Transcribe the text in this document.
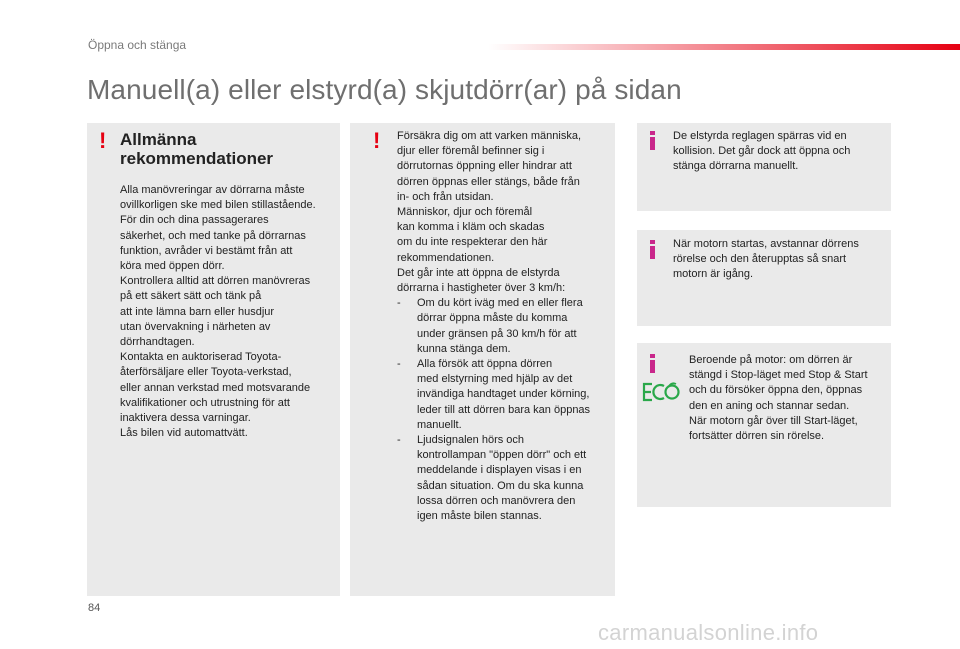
Öppna och stänga
Manuell(a) eller elstyrd(a) skjutdörr(ar) på sidan
! Allmänna
rekommendationer

Alla manövreringar av dörrarna måste

ovillkorligen ske med bilen stillastående.

För din och dina passagerares

säkerhet, och med tanke på dörrarnas

funktion, avråder vi bestämt från att

köra med öppen dörr.

Kontrollera alltid att dörren manövreras

på ett säkert sätt och tänk på

att inte lämna barn eller husdjur

utan övervakning i närheten av

dörrhandtagen.

Kontakta en auktoriserad Toyota-

återförsäljare eller Toyota-verkstad,

eller annan verkstad med motsvarande

kvalifikationer och utrustning för att

inaktivera dessa varningar.

Lås bilen vid automattvätt.

! Försäkra dig om att varken människa,

djur eller föremål befinner sig i

dörrutornas öppning eller hindrar att

dörren öppnas eller stängs, både från

in- och från utsidan.

Människor, djur och föremål

kan komma i kläm och skadas

om du inte respekterar den här

rekommendationen.

Det går inte att öppna de elstyrda

dörrarna i hastigheter över 3 km/h:

- Om du kört iväg med en eller flera

dörrar öppna måste du komma

under gränsen på 30 km/h för att

kunna stänga dem.

- Alla försök att öppna dörren

med elstyrning med hjälp av det

invändiga handtaget under körning,

leder till att dörren bara kan öppnas

manuellt.

- Ljudsignalen hörs och

kontrollampan "öppen dörr" och ett

meddelande i displayen visas i en

sådan situation. Om du ska kunna

lossa dörren och manövrera den

igen måste bilen stannas.

De elstyrda reglagen spärras vid en

kollision. Det går dock att öppna och

stänga dörrarna manuellt.

När motorn startas, avstannar dörrens

rörelse och den återupptas så snart

motorn är igång.

Beroende på motor: om dörren är

stängd i Stop-läget med Stop & Start

och du försöker öppna den, öppnas

den en aning och stannar sedan.

När motorn går över till Start-läget,

fortsätter dörren sin rörelse.

84
carmanualsonline.info
